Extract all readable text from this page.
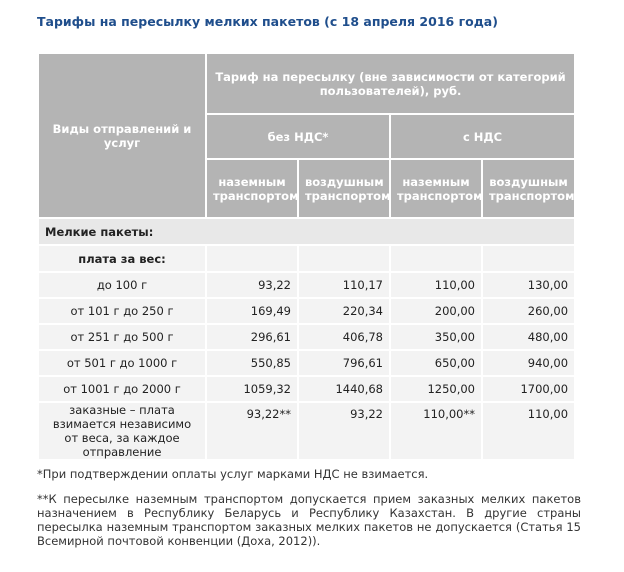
Тарифы на пересылку мелких пакетов (с 18 апреля 2016 года)
Виды отправлений и услуг	Тариф на пересылку (вне зависимости от категорий пользователей), руб.			
	без НДС*		с НДС	
	наземным транспортом	воздушным транспортом	наземным транспортом	воздушным транспортом
Мелкие пакеты:				
плата за вес:				
до 100 г	93,22	110,17	110,00	130,00
от 101 г до 250 г	169,49	220,34	200,00	260,00
от 251 г до 500 г	296,61	406,78	350,00	480,00
от 501 г до 1000 г	550,85	796,61	650,00	940,00
от 1001 г до 2000 г	1059,32	1440,68	1250,00	1700,00
заказные – плата взимается независимо от веса, за каждое отправление	93,22**	93,22	110,00**	110,00
*При подтверждении оплаты услуг марками НДС не взимается.
**К пересылке наземным транспортом допускается прием заказных мелких пакетов назначением в Республику Беларусь и Республику Казахстан. В другие страны пересылка наземным транспортом заказных мелких пакетов не допускается (Статья 15 Всемирной почтовой конвенции (Доха, 2012)).
